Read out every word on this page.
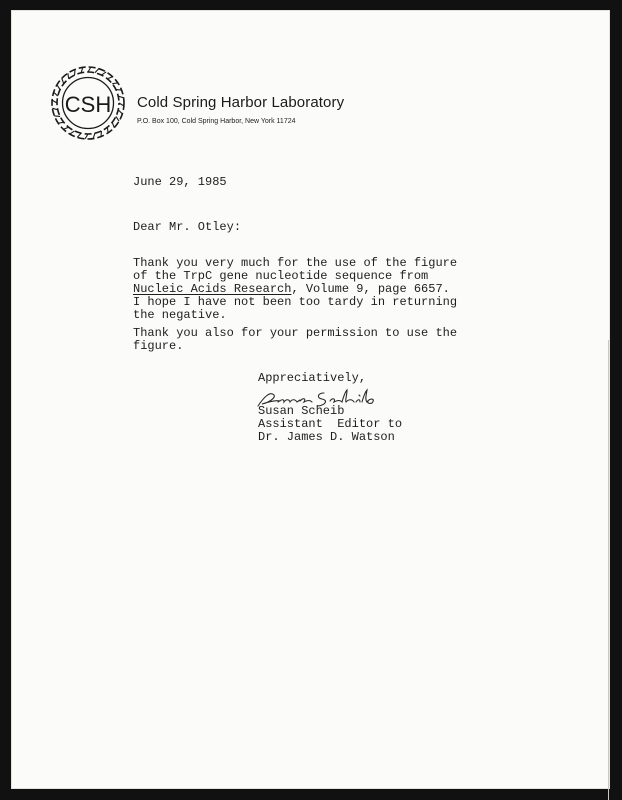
CSH Cold Spring Harbor Laboratory
P.O. Box 100, Cold Spring Harbor, New York 11724
June 29, 1985
Dear Mr. Otley:
Thank you very much for the use of the figure
of the TrpC gene nucleotide sequence from
Nucleic Acids Research, Volume 9, page 6657.
I hope I have not been too tardy in returning
the negative.
Thank you also for your permission to use the
figure.
Appreciatively,
Susan Scheib
Assistant  Editor to
Dr. James D. Watson
